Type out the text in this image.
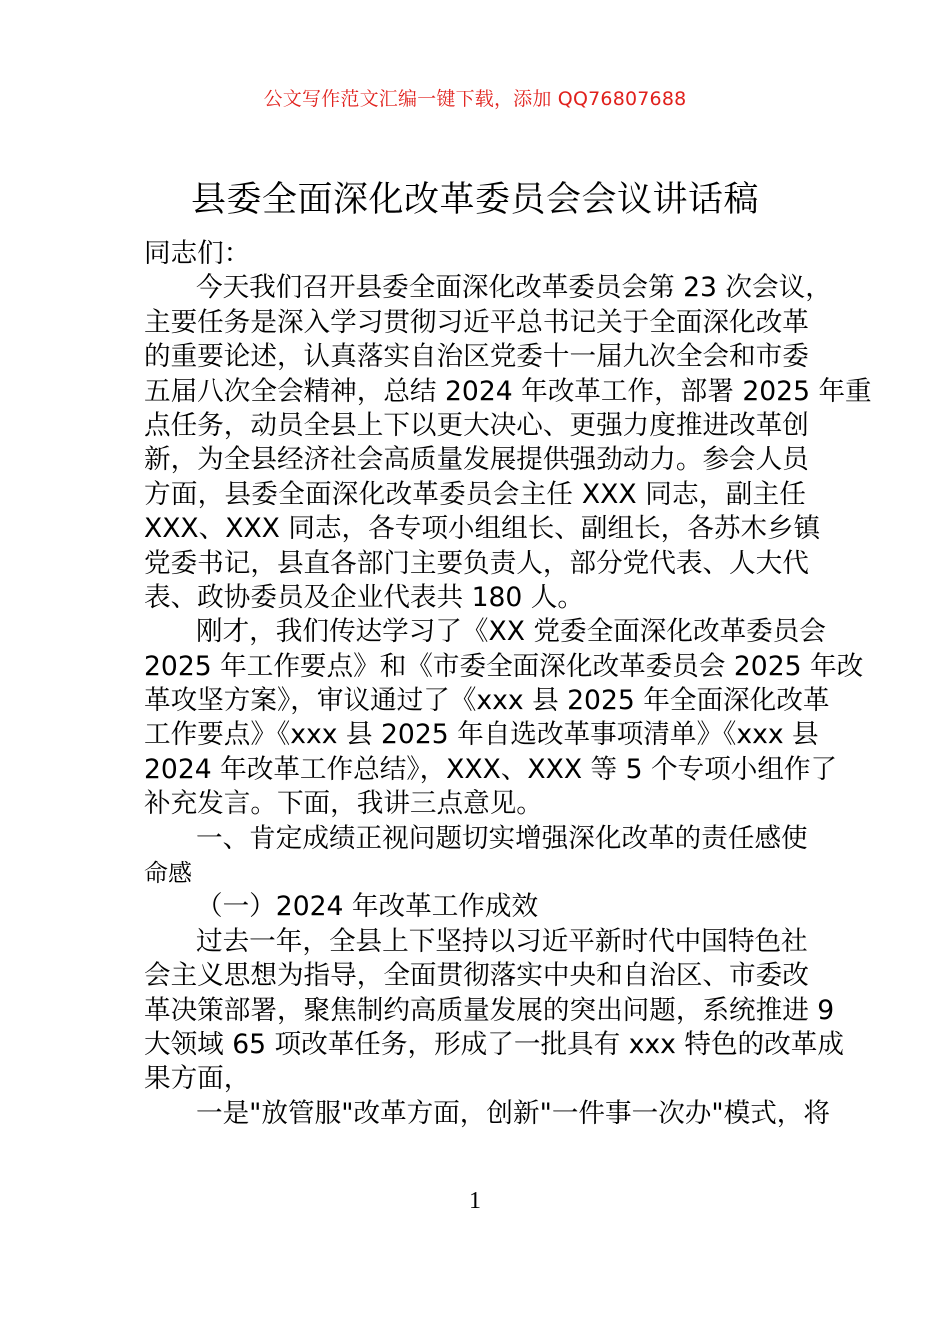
公文写作范文汇编一键下载，添加 QQ76807688
县委全面深化改革委员会会议讲话稿
同志们：
今天我们召开县委全面深化改革委员会第 23 次会议，
主要任务是深入学习贯彻习近平总书记关于全面深化改革
的重要论述，认真落实自治区党委十一届九次全会和市委
五届八次全会精神，总结 2024 年改革工作，部署 2025 年重
点任务，动员全县上下以更大决心、更强力度推进改革创
新，为全县经济社会高质量发展提供强劲动力。参会人员
方面，县委全面深化改革委员会主任 XXX 同志，副主任
XXX、XXX 同志，各专项小组组长、副组长，各苏木乡镇
党委书记，县直各部门主要负责人，部分党代表、人大代
表、政协委员及企业代表共 180 人。
刚才，我们传达学习了《XX 党委全面深化改革委员会
2025 年工作要点》和《市委全面深化改革委员会 2025 年改
革攻坚方案》，审议通过了《xxx 县 2025 年全面深化改革
工作要点》《xxx 县 2025 年自选改革事项清单》《xxx 县
2024 年改革工作总结》，XXX、XXX 等 5 个专项小组作了
补充发言。下面，我讲三点意见。
一、肯定成绩正视问题切实增强深化改革的责任感使
命感
（一）2024 年改革工作成效
过去一年，全县上下坚持以习近平新时代中国特色社
会主义思想为指导，全面贯彻落实中央和自治区、市委改
革决策部署，聚焦制约高质量发展的突出问题，系统推进 9
大领域 65 项改革任务，形成了一批具有 xxx 特色的改革成
果方面，
一是"放管服"改革方面，创新"一件事一次办"模式，将
1
